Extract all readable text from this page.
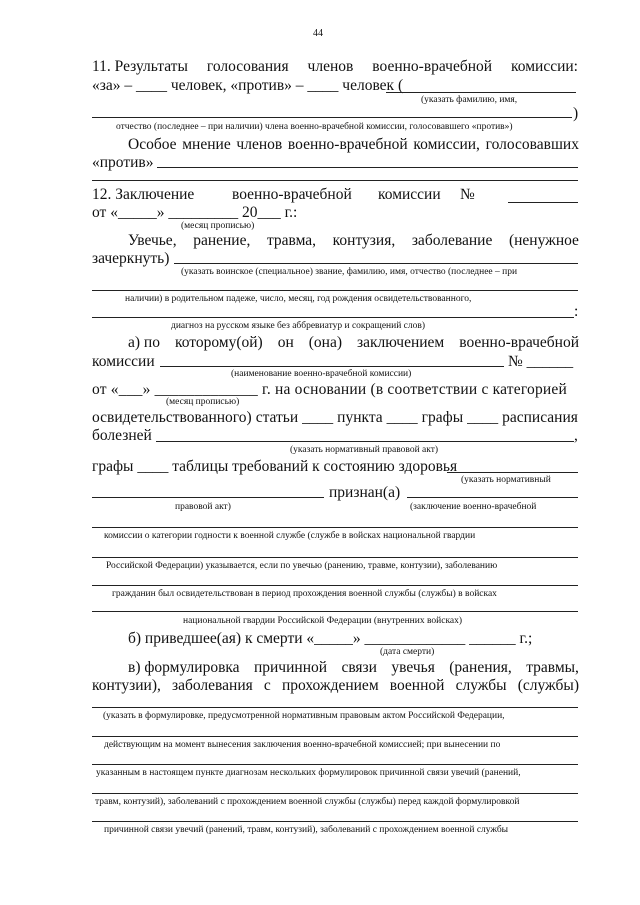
44
11. Результаты голосования членов военно-врачебной комиссии:
«за» – ____ человек, «против» – ____ человек (
(указать фамилию, имя,
)
отчество (последнее – при наличии) члена военно-врачебной комиссии, голосовавшего «против»)
Особое мнение членов военно-врачебной комиссии, голосовавших
«против»
12. Заключение военно-врачебной комиссии №
от «_____» _________ 20___ г.:
(месяц прописью)
Увечье, ранение, травма, контузия, заболевание (ненужное
зачеркнуть)
(указать воинское (специальное) звание, фамилию, имя, отчество (последнее – при
наличии) в родительном падеже, число, месяц, год рождения освидетельствованного,
:
диагноз на русском языке без аббревиатур и сокращений слов)
а) по которому(ой) он (она) заключением военно-врачебной
комиссии	№ ______
(наименование военно-врачебной комиссии)
от «___» _____________ г. на основании (в соответствии с категорией
(месяц прописью)
освидетельствованного) статьи ____ пункта ____ графы ____ расписания
болезней	,
(указать нормативный правовой акт)
графы ____ таблицы требований к состоянию здоровья
(указать нормативный
признан(а)
правовой акт)	(заключение военно-врачебной
комиссии о категории годности к военной службе (службе в войсках национальной гвардии
Российской Федерации) указывается, если по увечью (ранению, травме, контузии), заболеванию
гражданин был освидетельствован в период прохождения военной службы (службы) в войсках
национальной гвардии Российской Федерации (внутренних войсках)
б) приведшее(ая) к смерти «_____» _____________ ______ г.;
(дата смерти)
в) формулировка причинной связи увечья (ранения, травмы,
контузии), заболевания с прохождением военной службы (службы)
(указать в формулировке, предусмотренной нормативным правовым актом Российской Федерации,
действующим на момент вынесения заключения военно-врачебной комиссией; при вынесении по
указанным в настоящем пункте диагнозам нескольких формулировок причинной связи увечий (ранений,
травм, контузий), заболеваний с прохождением военной службы (службы) перед каждой формулировкой
причинной связи увечий (ранений, травм, контузий), заболеваний с прохождением военной службы
